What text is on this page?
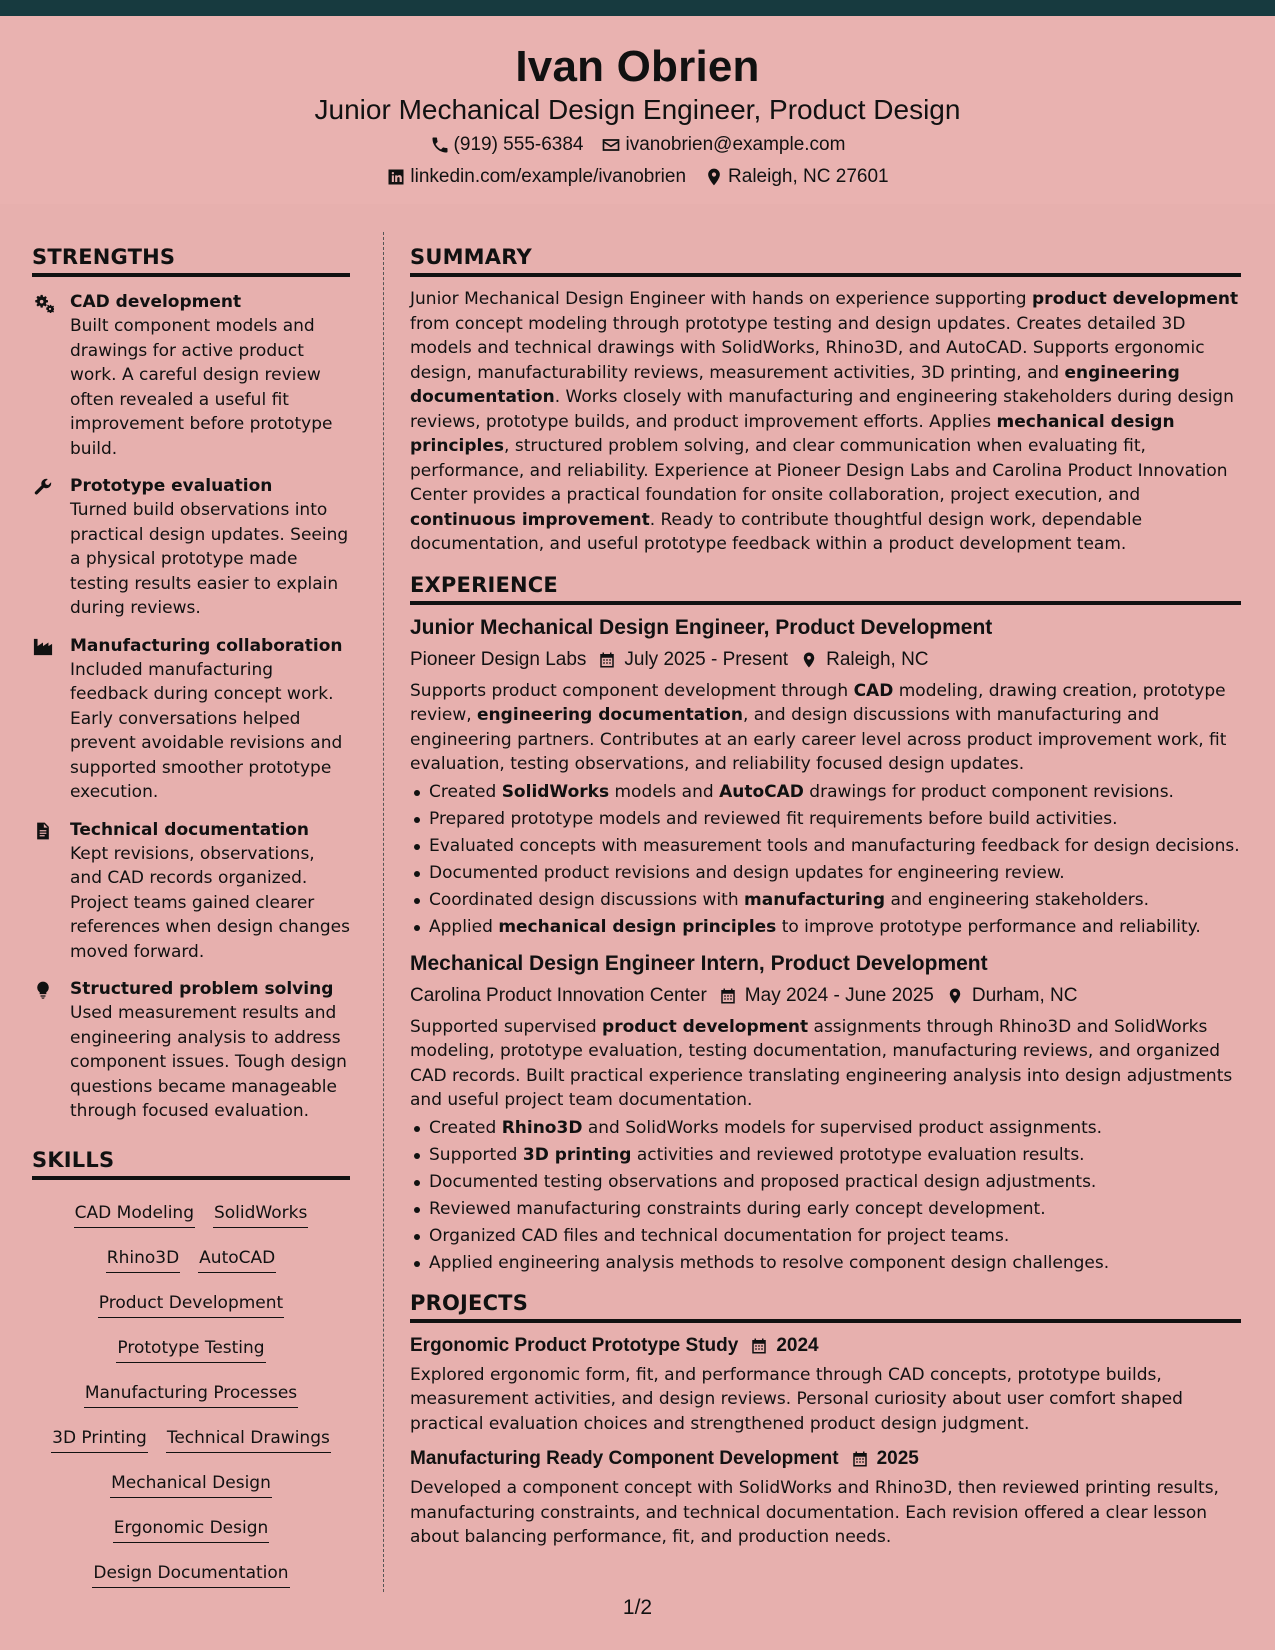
Ivan Obrien
Junior Mechanical Design Engineer, Product Design
(919) 555-6384 ivanobrien@example.com
linkedin.com/example/ivanobrien Raleigh, NC 27601
STRENGTHS
CAD development
Built component models and drawings for active product work. A careful design review often revealed a useful fit improvement before prototype build.
Prototype evaluation
Turned build observations into practical design updates. Seeing a physical prototype made testing results easier to explain during reviews.
Manufacturing collaboration
Included manufacturing feedback during concept work. Early conversations helped prevent avoidable revisions and supported smoother prototype execution.
Technical documentation
Kept revisions, observations, and CAD records organized. Project teams gained clearer references when design changes moved forward.
Structured problem solving
Used measurement results and engineering analysis to address component issues. Tough design questions became manageable through focused evaluation.
SKILLS
CAD Modeling SolidWorks
Rhino3D AutoCAD
Product Development
Prototype Testing
Manufacturing Processes
3D Printing Technical Drawings
Mechanical Design
Ergonomic Design
Design Documentation
SUMMARY
Junior Mechanical Design Engineer with hands on experience supporting product development from concept modeling through prototype testing and design updates. Creates detailed 3D models and technical drawings with SolidWorks, Rhino3D, and AutoCAD. Supports ergonomic design, manufacturability reviews, measurement activities, 3D printing, and engineering documentation. Works closely with manufacturing and engineering stakeholders during design reviews, prototype builds, and product improvement efforts. Applies mechanical design principles, structured problem solving, and clear communication when evaluating fit, performance, and reliability. Experience at Pioneer Design Labs and Carolina Product Innovation Center provides a practical foundation for onsite collaboration, project execution, and continuous improvement. Ready to contribute thoughtful design work, dependable documentation, and useful prototype feedback within a product development team.
EXPERIENCE
Junior Mechanical Design Engineer, Product Development
Pioneer Design Labs July 2025 - Present Raleigh, NC
Supports product component development through CAD modeling, drawing creation, prototype review, engineering documentation, and design discussions with manufacturing and engineering partners. Contributes at an early career level across product improvement work, fit evaluation, testing observations, and reliability focused design updates.
Created SolidWorks models and AutoCAD drawings for product component revisions.
Prepared prototype models and reviewed fit requirements before build activities.
Evaluated concepts with measurement tools and manufacturing feedback for design decisions.
Documented product revisions and design updates for engineering review.
Coordinated design discussions with manufacturing and engineering stakeholders.
Applied mechanical design principles to improve prototype performance and reliability.
Mechanical Design Engineer Intern, Product Development
Carolina Product Innovation Center May 2024 - June 2025 Durham, NC
Supported supervised product development assignments through Rhino3D and SolidWorks modeling, prototype evaluation, testing documentation, manufacturing reviews, and organized CAD records. Built practical experience translating engineering analysis into design adjustments and useful project team documentation.
Created Rhino3D and SolidWorks models for supervised product assignments.
Supported 3D printing activities and reviewed prototype evaluation results.
Documented testing observations and proposed practical design adjustments.
Reviewed manufacturing constraints during early concept development.
Organized CAD files and technical documentation for project teams.
Applied engineering analysis methods to resolve component design challenges.
PROJECTS
Ergonomic Product Prototype Study 2024
Explored ergonomic form, fit, and performance through CAD concepts, prototype builds, measurement activities, and design reviews. Personal curiosity about user comfort shaped practical evaluation choices and strengthened product design judgment.
Manufacturing Ready Component Development 2025
Developed a component concept with SolidWorks and Rhino3D, then reviewed printing results, manufacturing constraints, and technical documentation. Each revision offered a clear lesson about balancing performance, fit, and production needs.
1/2
